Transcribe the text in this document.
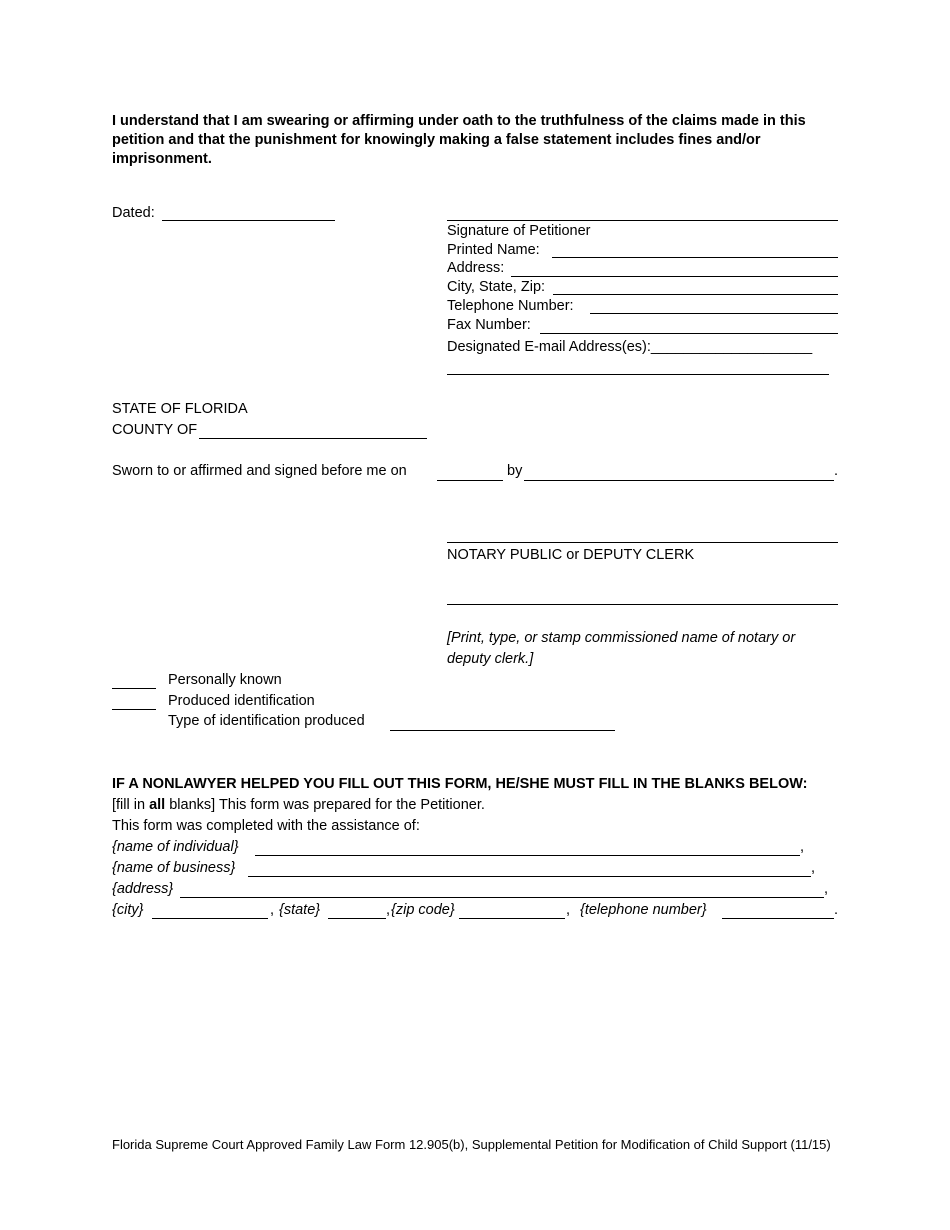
I understand that I am swearing or affirming under oath to the truthfulness of the claims made in this petition and that the punishment for knowingly making a false statement includes fines and/or imprisonment.
Dated:
Signature of Petitioner
Printed Name:
Address:
City, State, Zip:
Telephone Number:
Fax Number:
Designated E-mail Address(es):____________________
STATE OF FLORIDA
COUNTY OF
Sworn to or affirmed and signed before me on	by	.
NOTARY PUBLIC or DEPUTY CLERK
[Print, type, or stamp commissioned name of notary or deputy clerk.]
Personally known
Produced identification
Type of identification produced
IF A NONLAWYER HELPED YOU FILL OUT THIS FORM, HE/SHE MUST FILL IN THE BLANKS BELOW:
[fill in all blanks] This form was prepared for the Petitioner.
This form was completed with the assistance of:
{name of individual}	,
{name of business}	,
{address}	,
{city}	, {state}	, {zip code}	, {telephone number}	.
Florida Supreme Court Approved Family Law Form 12.905(b), Supplemental Petition for Modification of Child Support (11/15)
